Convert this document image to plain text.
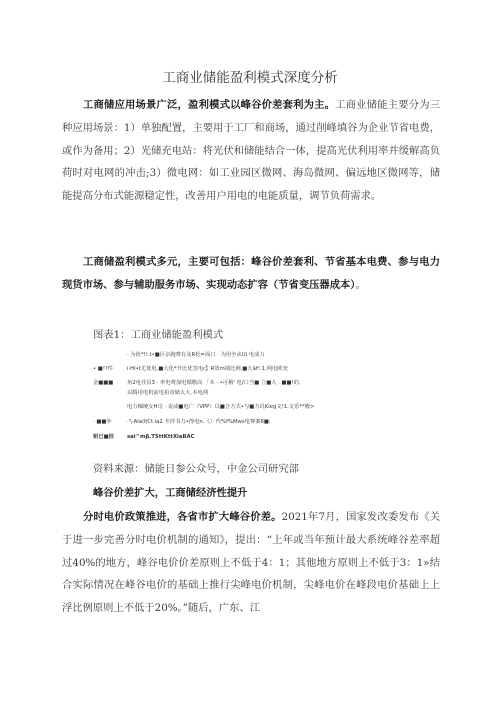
工商业储能盈利模式深度分析
工商储应用场景广泛，盈利模式以峰谷价差套利为主。工商业储能主要分为三种应用场景：1）单独配置，主要用于工厂和商场，通过削峰填谷为企业节省电费，或作为备用；2）光储充电站：将光伏和储能结合一体，提高光伏利用率并缓解高负荷时对电网的冲击;3）微电网：如工业园区微网、海岛微网、偏远地区微网等，储能提高分布式能源稳定性，改善用户用电的电能质量，调节负荷需求。
工商储盈利模式多元，主要可包括：峰谷价差套利、节省基本电费、参与电力现货市场、参与辅助服务市场、实现动态扩容（节省变压器成本）。
图表1：工商业储能盈利模式
· 为依*!!.t•■区京跑费有及R松=面口 · 为用争从Ui 电成力
• ■!?件	i·Hi•t尤优电.■大化*开比优签电r】R效m钢比例.■大$f!.1.网电欧充
金■■■	角2电佳县3 · 率电费加电循缴高 「本 · •可稽' 电/口当■ 立■大 · ■■!的.
以腾用电机前电拍食储太大.本电网
电力帼统女H司 · 说或■电广（VPP）以■合方式•与■力讥Kieg文!1.交乐**殿>
· ■■外	·'\·Ala庚Ct·ia2.开拌书力•得电n.《）· 代%f%Mws电赛案6■:
钥已■挂 sai^mβ.TSttKttXiaBAC
资料来源：储能日参公众号，中金公司研究部
峰谷价差扩大，工商储经济性提升
分时电价政策推进，各省市扩大峰谷价差。2021年7月，国家发改委发布《关于进一步完善分时电价机制的通知》，提出：“上年或当年预计最大系统峰谷差率超过40%的地方，峰谷电价价差原则上不低于4：1；其他地方原则上不低于3：1»结合实际情况在峰谷电价的基础上推行尖峰电价机制，尖峰电价在峰段电价基础上上浮比例原则上不低于20%。”随后，广东、江
